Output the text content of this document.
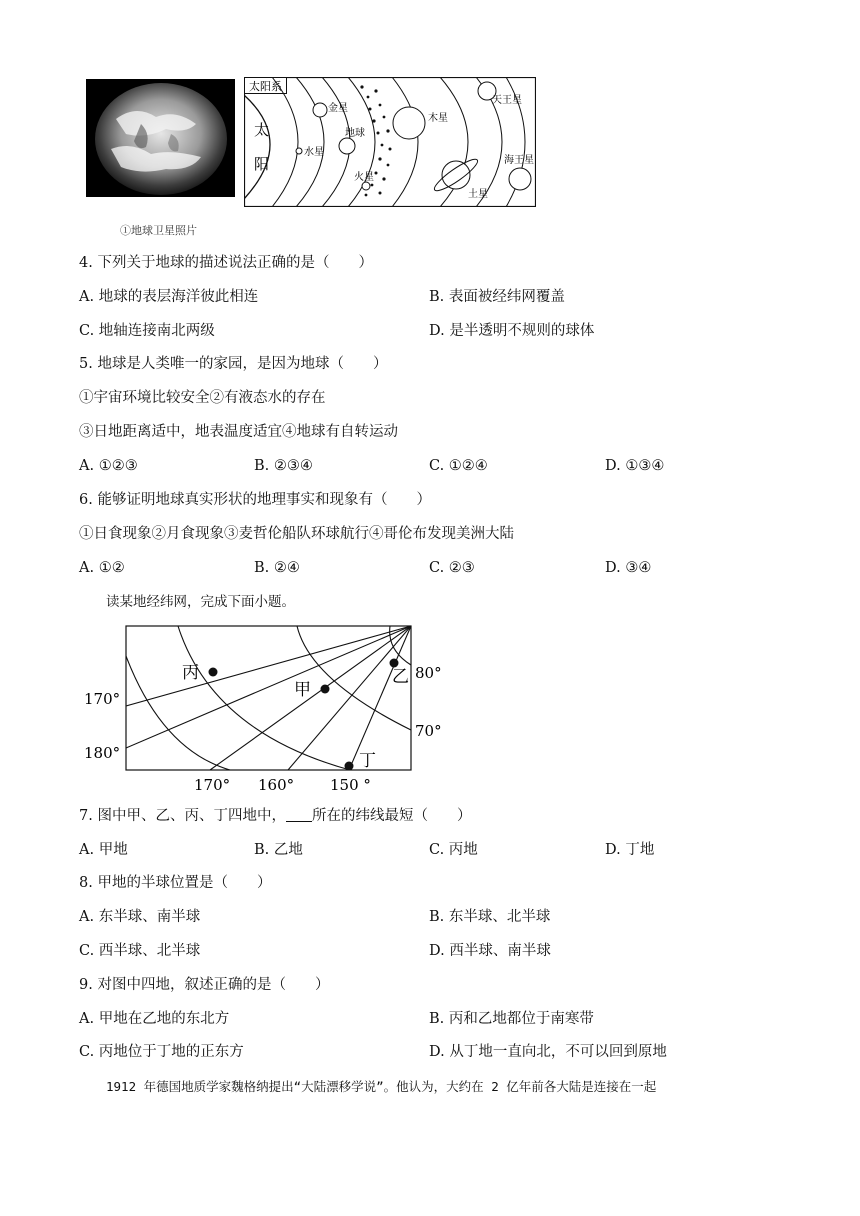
太阳系
太
阳
水星
金星
地球
火星
木星
土星
天王星
海王星
①地球卫星照片
4. 下列关于地球的描述说法正确的是（　　）
A. 地球的表层海洋彼此相连	B. 表面被经纬网覆盖
C. 地轴连接南北两级	D. 是半透明不规则的球体
5. 地球是人类唯一的家园，是因为地球（　　）
①宇宙环境比较安全②有液态水的存在
③日地距离适中，地表温度适宜④地球有自转运动
A. ①②③	B. ②③④	C. ①②④	D. ①③④
6. 能够证明地球真实形状的地理事实和现象有（　　）
①日食现象②月食现象③麦哲伦船队环球航行④哥伦布发现美洲大陆
A. ①②	B. ②④	C. ②③	D. ③④
读某地经纬网，完成下面小题。
丙
甲
乙
丁
170°
180°
170° 160° 150 °
80°
70°
7. 图中甲、乙、丙、丁四地中， 所在的纬线最短（　　）
A. 甲地	B. 乙地	C. 丙地	D. 丁地
8. 甲地的半球位置是（　　）
A. 东半球、南半球	B. 东半球、北半球
C. 西半球、北半球	D. 西半球、南半球
9. 对图中四地，叙述正确的是（　　）
A. 甲地在乙地的东北方	B. 丙和乙地都位于南寒带
C. 丙地位于丁地的正东方	D. 从丁地一直向北，不可以回到原地
1912 年德国地质学家魏格纳提出“大陆漂移学说”。他认为，大约在 2 亿年前各大陆是连接在一起
